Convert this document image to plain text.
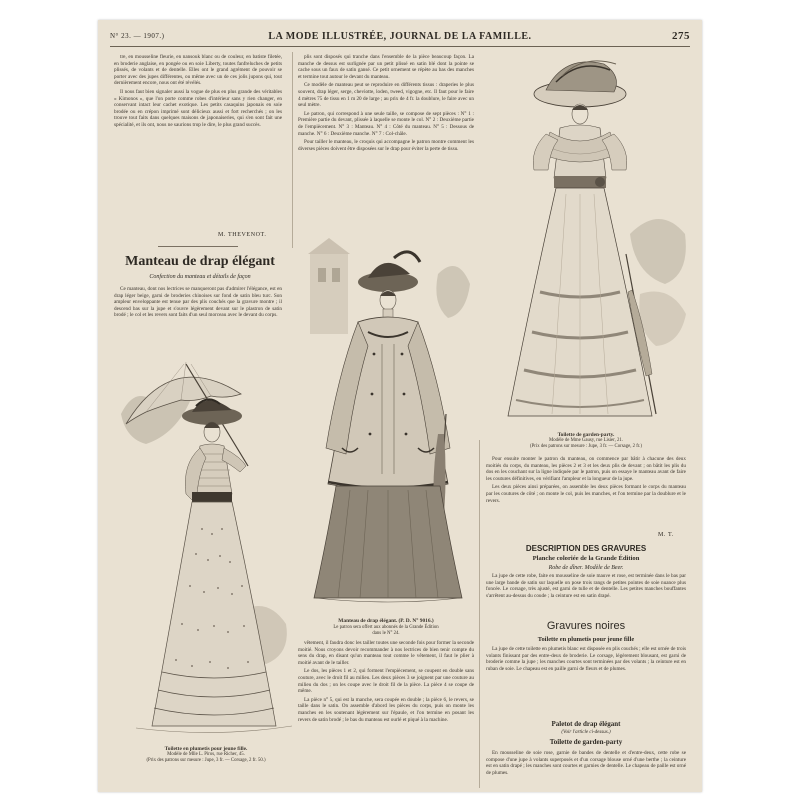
N° 23. — 1907.)	LA MODE ILLUSTRÉE, JOURNAL DE LA FAMILLE.	275

tre, en mousseline fleurie, en nansouk blanc ou de couleur, en batiste filetée, en broderie anglaise, en pongée ou en soie Liberty, toutes fanfreluches de petits plissés, de volants et de dentelle. Elles ont le grand agrément de pouvoir se porter avec des jupes différentes, ou même avec un de ces jolis jupons qui, tout dernièrement encore, nous ont été révélés.

Il nous faut bien signaler aussi la vogue de plus en plus grande des véritables « Kimonos », que l'on porte comme robes d'intérieur sans y rien changer, en conservant intact leur cachet exotique. Les petits casaquins japonais en soie brodée ou en crépon imprimé sont délicieux aussi et fort recherchés ; on les trouve tout faits dans quelques maisons de japonaiseries, qui s'en sont fait une spécialité, et ils ont, nous ne saurions trop le dire, le plus grand succès.

M. THEVENOT.
Manteau de drap élégant
Confection du manteau et détails de façon

Ce manteau, dont nos lectrices se manqueront pas d'admirer l'élégance, est en drap léger beige, garni de broderies chinoises sur fond de satin bleu turc. Son ampleur enveloppante est tenue par des plis couchés que la gravure montre ; il descend bas sur la jupe et s'ouvre légèrement devant sur le plastron de satin brodé ; le col et les revers sont faits d'un seul morceau avec le devant du corps.

Toilette en plumetis pour jeune fille.
Modèle de Mlle L. Piros, rue Richer, 45.
(Prix des patrons sur mesure : Jupe, 3 fr. — Corsage, 2 fr. 50.)

plis sont disposés qui tranche dans l'ensemble de la pièce beaucoup façon. La manche de dessus est surlignée par un petit plissé en satin blé dont la pointe se cache sous un faux de satin gansé. Ce petit ornement se répète au bas des manches et termine tout autour le devant du manteau.

Ce modèle de manteau peut se reproduire en différents tissus : draperies le plus souvent, drap léger, serge, cheviotte, loden, tweed, vigogne, etc. Il faut pour le faire 4 mètres 75 de tissu en 1 m 20 de large ; au prix de 4 fr. la doublure, le faire avec un seul mètre.

Le patron, qui correspond à une seule taille, se compose de sept pièces : N° 1 : Première partie du devant, plissée à laquelle se monte le col. N° 2 : Deuxième partie de l'empiècement. N° 3 : Manteau. N° 4 : Côté du manteau. N° 5 : Dessous de manche. N° 6 : Deuxième manche. N° 7 : Col-châle.

Pour tailler le manteau, le croquis qui accompagne le patron montre comment les diverses pièces doivent être disposées sur le drap pour éviter la perte de tissu.

Manteau de drap élégant. (P. D. N° 9016.)
Le patron sera offert aux abonnés de la Grande Édition
dans le N° 24.

vêtement, il faudra donc les tailler toutes une seconde fois pour former la seconde moitié. Nous croyons devoir recommander à nos lectrices de bien tenir compte du sens du drap, en disant qu'un manteau tout comme le vêtement, il faut le plier à moitié avant de le tailler.

Le dos, les pièces 1 et 2, qui forment l'empiècement, se coupent en double sans couture, avec le droit fil au milieu. Les deux pièces 3 se joignent par une couture au milieu du dos ; on les coupe avec le droit fil de la pièce. La pièce 4 se coupe de même.

La pièce n° 5, qui est la manche, sera coupée en double ; la pièce 6, le revers, se taille dans le satin. On assemble d'abord les pièces du corps, puis on monte les manches en les soutenant légèrement sur l'épaule, et l'on termine en posant les revers de satin brodé ; le bas du manteau est ourlé et piqué à la machine.

Toilette de garden-party.
Modèle de Mme Gausy, rue Lisier, 21.
(Prix des patrons sur mesure : Jupe, 3 fr. — Corsage, 2 fr.)

Pour ensuite monter le patron du manteau, on commence par bâtir à chacune des deux moitiés du corps, du manteau, les pièces 2 et 3 et les deux plis de devant ; on bâtit les plis du dos en les couchant sur la ligne indiquée par le patron, puis on essaye le manteau avant de faire les coutures définitives, en vérifiant l'ampleur et la longueur de la jupe.

Les deux pièces ainsi préparées, on assemble les deux pièces formant le corps du manteau par les coutures de côté ; on monte le col, puis les manches, et l'on termine par la doublure et le revers.

M. T.
DESCRIPTION DES GRAVURES
Planche coloriée de la Grande Édition
Robe de dîner. Modèle de Beer.

La jupe de cette robe, faite en mousseline de soie mauve et rose, est terminée dans le bas par une large bande de satin sur laquelle on pose trois rangs de petites pointes de soie nuance plus foncée. Le corsage, très ajusté, est garni de tulle et de dentelle. Les petites manches bouffantes s'arrêtent au-dessus du coude ; la ceinture est en satin drapé.

Gravures noires
Toilette en plumetis pour jeune fille

La jupe de cette toilette en plumetis blanc est disposée en plis couchés ; elle est ornée de trois volants finissant par des entre-deux de broderie. Le corsage, légèrement blousant, est garni de broderie comme la jupe ; les manches courtes sont terminées par des volants ; la ceinture est en ruban de soie. Le chapeau est en paille garni de fleurs et de plumes.

Paletot de drap élégant
(Voir l'article ci-dessus.)
Toilette de garden-party

En mousseline de soie rose, garnie de bandes de dentelle et d'entre-deux, cette robe se compose d'une jupe à volants superposés et d'un corsage blouse orné d'une berthe ; la ceinture est en satin drapé ; les manches sont courtes et garnies de dentelle. Le chapeau de paille est orné de plumes.
